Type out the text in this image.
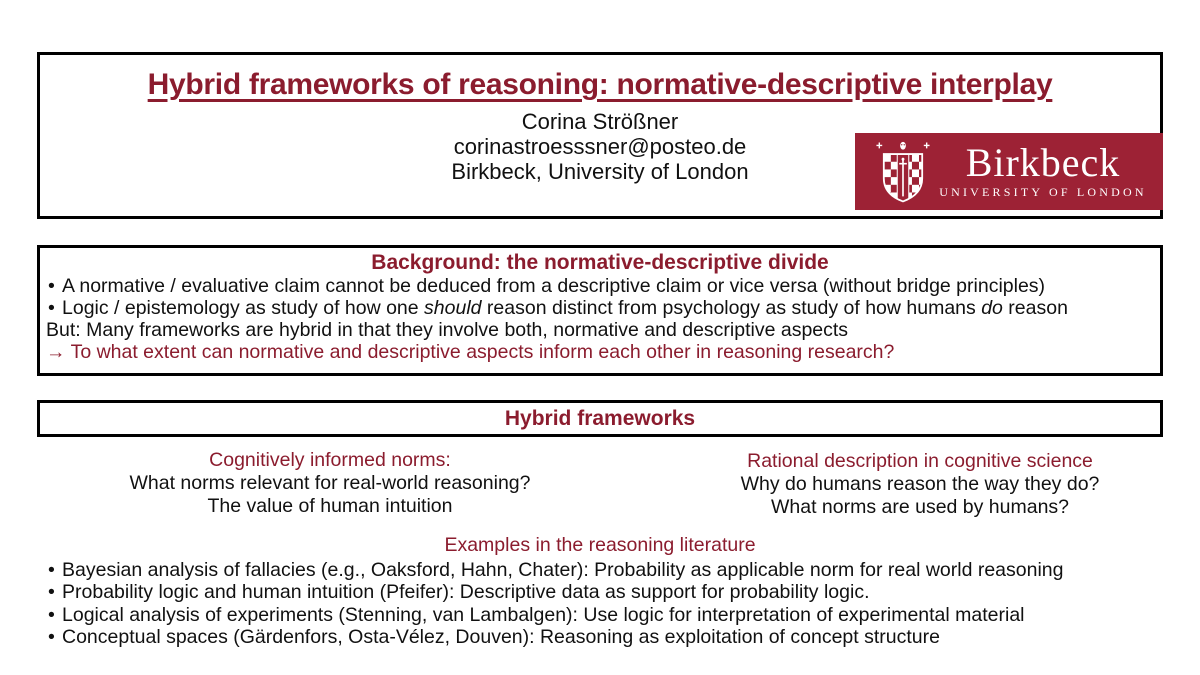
Hybrid frameworks of reasoning: normative-descriptive interplay
Corina Strößner
corinastroesssner@posteo.de
Birkbeck, University of London	Birkbeck
UNIVERSITY OF LONDON
Background: the normative-descriptive divide
• A normative / evaluative claim cannot be deduced from a descriptive claim or vice versa (without bridge principles)
• Logic / epistemology as study of how one should reason distinct from psychology as study of how humans do reason
But: Many frameworks are hybrid in that they involve both, normative and descriptive aspects
→ To what extent can normative and descriptive aspects inform each other in reasoning research?
Hybrid frameworks
Cognitively informed norms:
What norms relevant for real-world reasoning?
The value of human intuition
Rational description in cognitive science
Why do humans reason the way they do?
What norms are used by humans?
Examples in the reasoning literature
• Bayesian analysis of fallacies (e.g., Oaksford, Hahn, Chater): Probability as applicable norm for real world reasoning
• Probability logic and human intuition (Pfeifer): Descriptive data as support for probability logic.
• Logical analysis of experiments (Stenning, van Lambalgen): Use logic for interpretation of experimental material
• Conceptual spaces (Gärdenfors, Osta-Vélez, Douven): Reasoning as exploitation of concept structure
